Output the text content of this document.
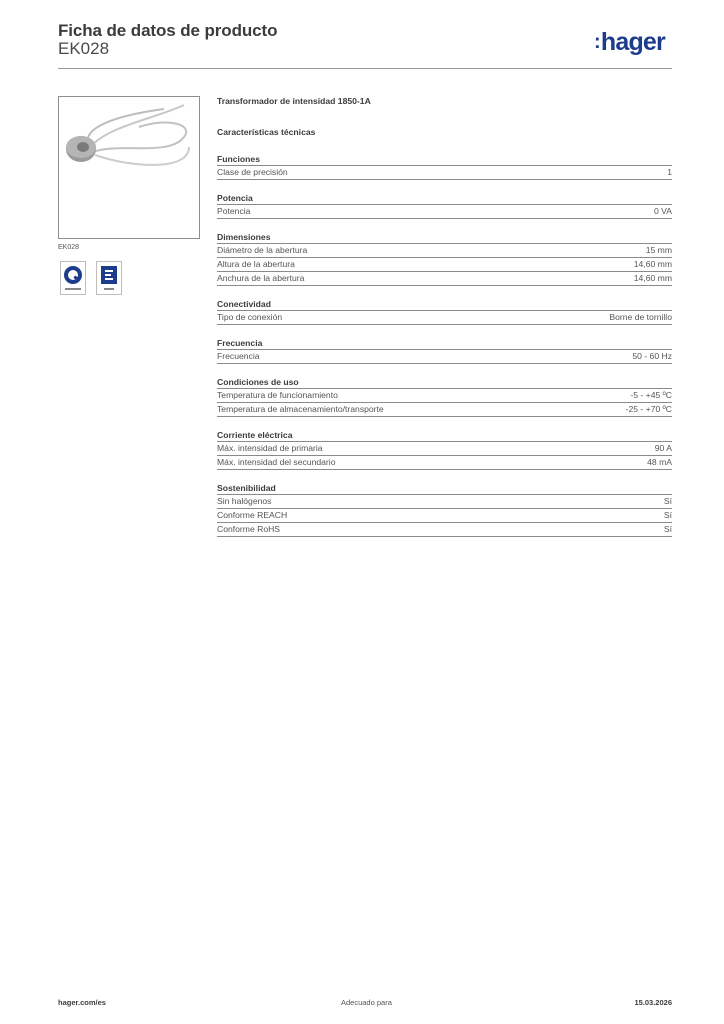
Ficha de datos de producto
EK028	:hager
EK028
Transformador de intensidad 1850-1A
Características técnicas
Funciones
Clase de precisión	1
Potencia
Potencia	0 VA
Dimensiones
Diámetro de la abertura	15 mm
Altura de la abertura	14,60 mm
Anchura de la abertura	14,60 mm
Conectividad
Tipo de conexión	Borne de tornillo
Frecuencia
Frecuencia	50 - 60 Hz
Condiciones de uso
Temperatura de funcionamiento	-5 - +45 ºC
Temperatura de almacenamiento/transporte	-25 - +70 ºC
Corriente eléctrica
Máx. intensidad de primaria	90 A
Máx. intensidad del secundario	48 mA
Sostenibilidad
Sin halógenos	Sí
Conforme REACH	Sí
Conforme RoHS	Sí
hager.com/es	Adecuado para	15.03.2026
